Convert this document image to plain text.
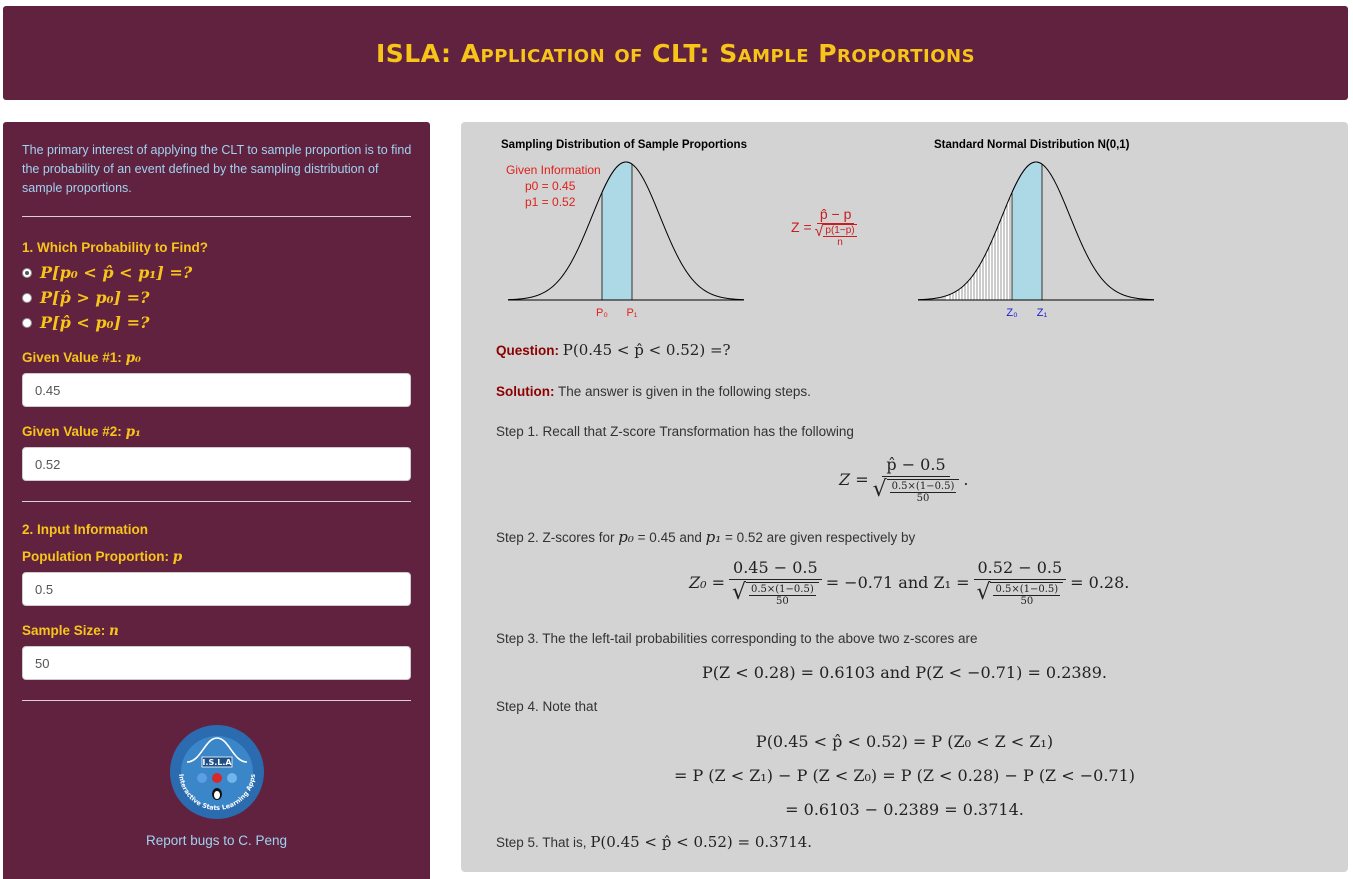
ISLA: Application of CLT: Sample Proportions
The primary interest of applying the CLT to sample proportion is to find the probability of an event defined by the sampling distribution of sample proportions.
1. Which Probability to Find?
P[p₀ < p̂ < p₁] =?
P[p̂ > p₀] =?
P[p̂ < p₀] =?
Given Value #1: p₀
0.45
Given Value #2: p₁
0.52
2. Input Information
Population Proportion: p
0.5
Sample Size: n
50
I.S.L.A
Interactive Stats Learning Apps
Report bugs to C. Peng
Sampling Distribution of Sample Proportions
Given Information
p0 = 0.45
p1 = 0.52
P₀ P₁
Z =
p̂ − p
√ p(1−p)
n
Standard Normal Distribution N(0,1)
Z₀ Z₁
Question: P(0.45 < p̂ < 0.52) =?
Solution: The answer is given in the following steps.
Step 1. Recall that Z-score Transformation has the following
Z = p̂ − 0.5
√ 0.5×(1−0.5)
50 .
Step 2. Z-scores for p₀ = 0.45 and p₁ = 0.52 are given respectively by
Z₀ = 0.45 − 0.5
√ 0.5×(1−0.5)
50 = −0.71 and Z₁ = 0.52 − 0.5
√ 0.5×(1−0.5)
50 = 0.28.
Step 3. The the left-tail probabilities corresponding to the above two z-scores are
P(Z < 0.28) = 0.6103 and P(Z < −0.71) = 0.2389.
Step 4. Note that
P(0.45 < p̂ < 0.52) = P (Z₀ < Z < Z₁)
= P (Z < Z₁) − P (Z < Z₀) = P (Z < 0.28) − P (Z < −0.71)
= 0.6103 − 0.2389 = 0.3714.
Step 5. That is, P(0.45 < p̂ < 0.52) = 0.3714.
